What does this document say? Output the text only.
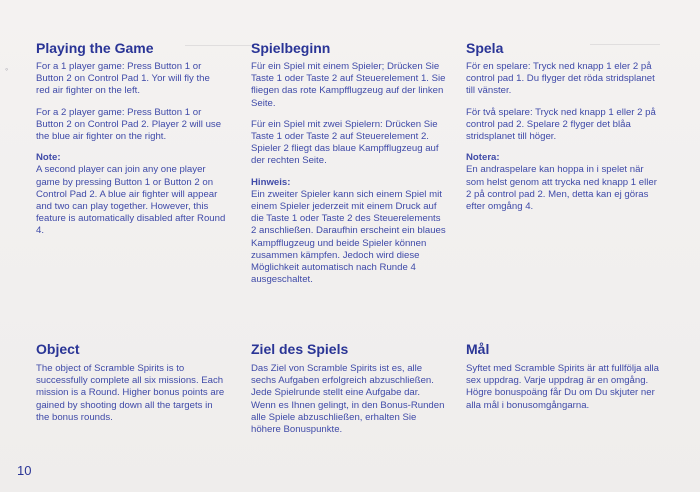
◦
Playing the Game

For a 1 player game: Press Button 1 or Button 2 on Control Pad 1. Yor will fly the red air fighter on the left.

For a 2 player game: Press Button 1 or Button 2 on Control Pad 2. Player 2 will use the blue air fighter on the right.

Note:

A second player can join any one player game by pressing Button 1 or Button 2 on Control Pad 2. A blue air fighter will appear and two can play together. However, this feature is automatically disabled after Round 4.

Object

The object of Scramble Spirits is to successfully complete all six missions. Each mission is a Round. Higher bonus points are gained by shooting down all the targets in the bonus rounds.

Spielbeginn

Für ein Spiel mit einem Spieler; Drücken Sie Taste 1 oder Taste 2 auf Steuerelement 1. Sie fliegen das rote Kampfflugzeug auf der linken Seite.

Für ein Spiel mit zwei Spielern: Drücken Sie Taste 1 oder Taste 2 auf Steuerelement 2. Spieler 2 fliegt das blaue Kampfflugzeug auf der rechten Seite.

Hinweis:

Ein zweiter Spieler kann sich einem Spiel mit einem Spieler jederzeit mit einem Druck auf die Taste 1 oder Taste 2 des Steuerelements 2 anschließen. Daraufhin erscheint ein blaues Kampfflugzeug und beide Spieler können zusammen kämpfen. Jedoch wird diese Möglichkeit automatisch nach Runde 4 ausgeschaltet.

Ziel des Spiels

Das Ziel von Scramble Spirits ist es, alle sechs Aufgaben erfolgreich abzuschließen. Jede Spielrunde stellt eine Aufgabe dar. Wenn es Ihnen gelingt, in den Bonus-Runden alle Spiele abzuschließen, erhalten Sie höhere Bonuspunkte.

Spela

För en spelare: Tryck ned knapp 1 eler 2 på control pad 1. Du flyger det röda stridsplanet till vänster.

För två spelare: Tryck ned knapp 1 eller 2 på control pad 2. Spelare 2 flyger det blåa stridsplanet till höger.

Notera:

En andraspelare kan hoppa in i spelet när som helst genom att trycka ned knapp 1 eller 2 på control pad 2. Men, detta kan ej göras efter omgång 4.

Mål

Syftet med Scramble Spirits är att fullfölja alla sex uppdrag. Varje uppdrag är en omgång. Högre bonuspoäng får Du om Du skjuter ner alla mål i bonusomgångarna.

10
